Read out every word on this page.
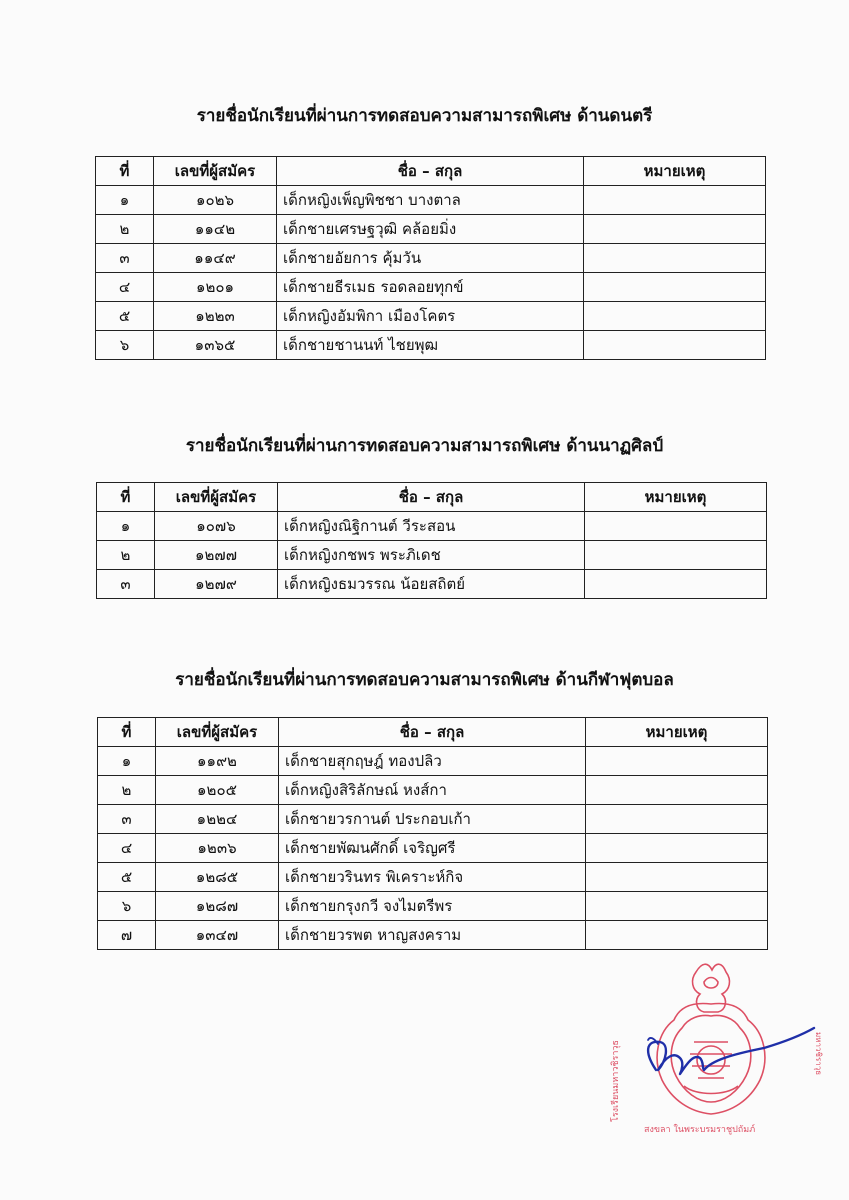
รายชื่อนักเรียนที่ผ่านการทดสอบความสามารถพิเศษ ด้านดนตรี
ที่	เลขที่ผู้สมัคร	ชื่อ – สกุล	หมายเหตุ
๑	๑๐๒๖	เด็กหญิงเพ็ญพิชชา บางตาล	
๒	๑๑๔๒	เด็กชายเศรษฐวุฒิ คล้อยมิ่ง	
๓	๑๑๔๙	เด็กชายอัยการ คุ้มวัน	
๔	๑๒๐๑	เด็กชายธีรเมธ รอดลอยทุกข์	
๕	๑๒๒๓	เด็กหญิงอัมพิกา เมืองโคตร	
๖	๑๓๖๕	เด็กชายชานนท์ ไชยพุฒ	
รายชื่อนักเรียนที่ผ่านการทดสอบความสามารถพิเศษ ด้านนาฏศิลป์
ที่	เลขที่ผู้สมัคร	ชื่อ – สกุล	หมายเหตุ
๑	๑๐๗๖	เด็กหญิงณิฐิกานต์ วีระสอน	
๒	๑๒๗๗	เด็กหญิงกชพร พระภิเดช	
๓	๑๒๗๙	เด็กหญิงธมวรรณ น้อยสถิตย์	
รายชื่อนักเรียนที่ผ่านการทดสอบความสามารถพิเศษ ด้านกีฬาฟุตบอล
ที่	เลขที่ผู้สมัคร	ชื่อ – สกุล	หมายเหตุ
๑	๑๑๙๒	เด็กชายสุกฤษฎ์ ทองปลิว	
๒	๑๒๐๕	เด็กหญิงสิริลักษณ์ หงส์กา	
๓	๑๒๒๔	เด็กชายวรกานต์ ประกอบเก้า	
๔	๑๒๓๖	เด็กชายพัฒนศักดิ์ เจริญศรี	
๕	๑๒๘๕	เด็กชายวรินทร พิเคราะห์กิจ	
๖	๑๒๘๗	เด็กชายกรุงกวี จงไมตรีพร	
๗	๑๓๔๗	เด็กชายวรพต หาญสงคราม	
โรงเรียนมหาวชิราวุธ
สงขลา ในพระบรมราชูปถัมภ์
มหาวชิราวุธ
